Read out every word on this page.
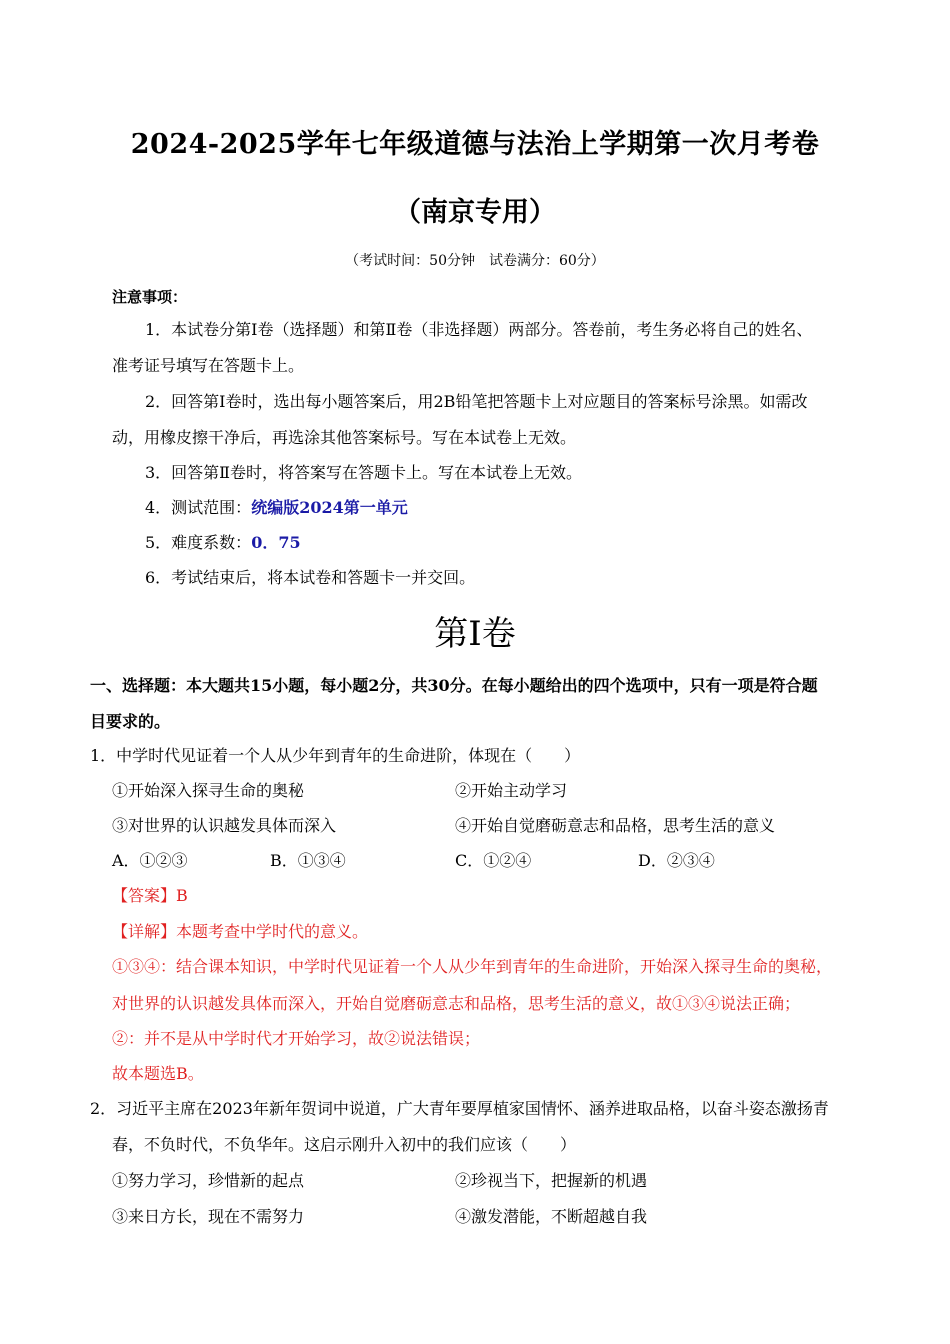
2024-2025学年七年级道德与法治上学期第一次月考卷
（南京专用）
（考试时间：50分钟　试卷满分：60分）
注意事项：
1．本试卷分第Ⅰ卷（选择题）和第Ⅱ卷（非选择题）两部分。答卷前，考生务必将自己的姓名、
准考证号填写在答题卡上。
2．回答第Ⅰ卷时，选出每小题答案后，用2B铅笔把答题卡上对应题目的答案标号涂黑。如需改
动，用橡皮擦干净后，再选涂其他答案标号。写在本试卷上无效。
3．回答第Ⅱ卷时，将答案写在答题卡上。写在本试卷上无效。
4．测试范围：统编版2024第一单元
5．难度系数：0．75
6．考试结束后，将本试卷和答题卡一并交回。
第Ⅰ卷
一、选择题：本大题共15小题，每小题2分，共30分。在每小题给出的四个选项中，只有一项是符合题
目要求的。
1．中学时代见证着一个人从少年到青年的生命进阶，体现在（　　）
①开始深入探寻生命的奥秘	②开始主动学习
③对世界的认识越发具体而深入	④开始自觉磨砺意志和品格，思考生活的意义
A．①②③	B．①③④	C．①②④	D．②③④
【答案】B
【详解】本题考查中学时代的意义。
①③④：结合课本知识，中学时代见证着一个人从少年到青年的生命进阶，开始深入探寻生命的奥秘，
对世界的认识越发具体而深入，开始自觉磨砺意志和品格，思考生活的意义，故①③④说法正确；
②：并不是从中学时代才开始学习，故②说法错误；
故本题选B。
2．习近平主席在2023年新年贺词中说道，广大青年要厚植家国情怀、涵养进取品格，以奋斗姿态激扬青
春，不负时代，不负华年。这启示刚升入初中的我们应该（　　）
①努力学习，珍惜新的起点	②珍视当下，把握新的机遇
③来日方长，现在不需努力	④激发潜能，不断超越自我
